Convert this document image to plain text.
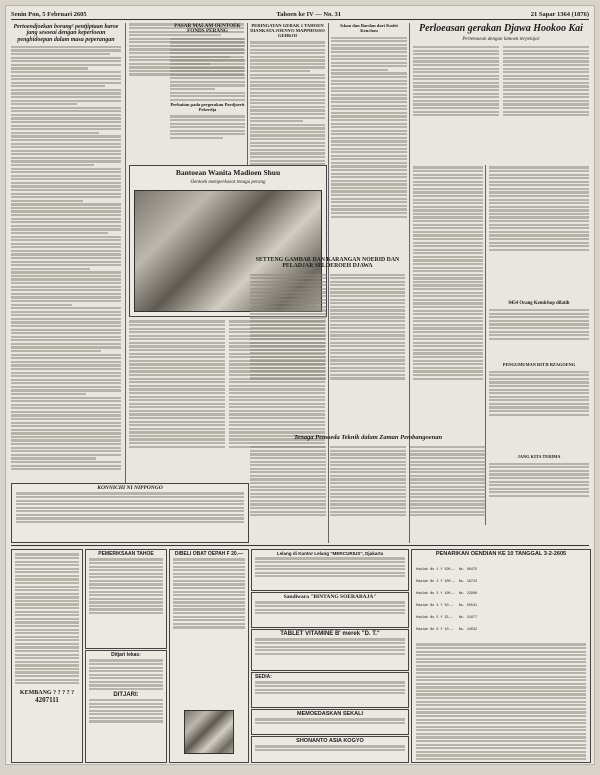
Senin Pon, 5 Februari 2605	Tahoen ke IV — No. 31	21 Sapar 1364 (1876)
Pertoendjoekan borang² pentjiptaan baroe jang sesoeai dengan keperloean penghidoepan dalam masa peperangan
PASAR MALAM OENTOEK FONDS PERANG
Perhatian pada pergerakan Pardjoerit Pekerdja
PERINGATAN GERAK 1 TAHOEN DIANKATA JOENYO MAPPHOSSO GEHKOI
Iskan dan Bardan dari Kodei Kenchou	Perloeasan gerakan Djawa Hookoo Kai
Pertemoean dengan lamoen terpelajar
8454 Orang Kemlchop dilatih
PENGUMUMAN RITJI BZAGOENG
JANG KITA TERIMA
Bantoean Wanita Madioen Shuu
Oentoek memperkoeat tenaga perang
SETTENG GAMBAR DAN KARANGAN NOERID DAN PELADJAR SELOEROEH DJAWA
Tenaga Pemoeda Teknik dalam Zaman Pembangoenan
KONNICHI NI NIPPONGO
KEMBANG ? ? ? ? ?
4207111
PEMERIKSAAN TAHOE
Ditjari lekas:
DITJARI:
DIBELI OBAT OEPAH F 20.—	Lelang di Kantor Lelang "MERCURIUS", Djakarta
Sandiwara "BINTANG SOERABAJA"
TABLET VITAMINE B' merek "D. T."
SEDIA:
MEMOEDASKAN SEKALI
SHONANTO ASIA KOGYO
PENARIKAN OENDIAN KE 10 TANGGAL 3-2-2605

Hadiah No 1 f 500.—  No. 08475

Hadiah No 2 f 200.—  No. 16723

Hadiah No 3 f 100.—  No. 22908

Hadiah No 4 f 50.—   No. 05541

Hadiah No 5 f 25.—   No. 31877

Hadiah No 6 f 10.—   No. 14032
